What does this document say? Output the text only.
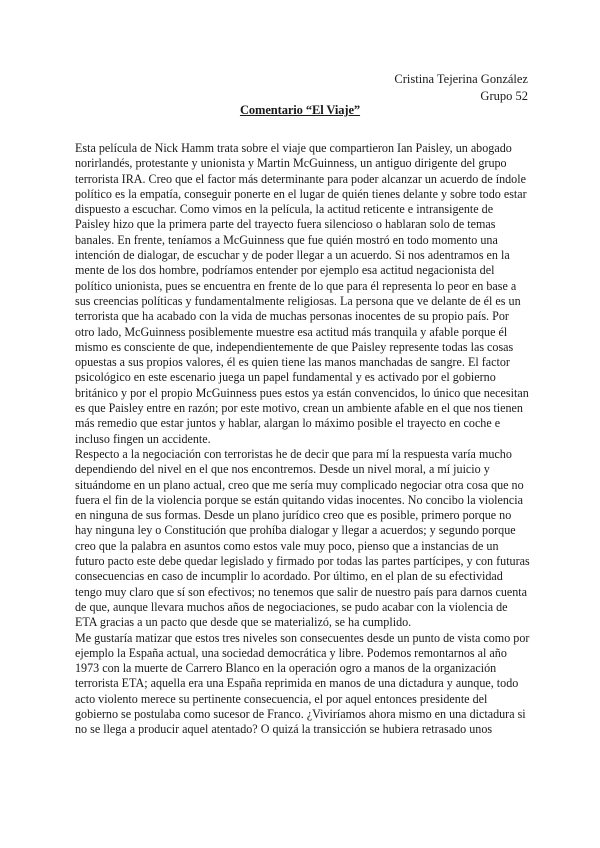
Cristina Tejerina González
Grupo 52
Comentario “El Viaje”

Esta película de Nick Hamm trata sobre el viaje que compartieron Ian Paisley, un abogado norirlandés, protestante y unionista y Martin McGuinness, un antiguo dirigente del grupo terrorista IRA. Creo que el factor más determinante para poder alcanzar un acuerdo de índole político es la empatía, conseguir ponerte en el lugar de quién tienes delante y sobre todo estar dispuesto a escuchar. Como vimos en la película, la actitud reticente e intransigente de Paisley hizo que la primera parte del trayecto fuera silencioso o hablaran solo de temas banales. En frente, teníamos a McGuinness que fue quién mostró en todo momento una intención de dialogar, de escuchar y de poder llegar a un acuerdo. Si nos adentramos en la mente de los dos hombre, podríamos entender por ejemplo esa actitud negacionista del político unionista, pues se encuentra en frente de lo que para él representa lo peor en base a sus creencias políticas y fundamentalmente religiosas. La persona que ve delante de él es un terrorista que ha acabado con la vida de muchas personas inocentes de su propio país. Por otro lado, McGuinness posiblemente muestre esa actitud más tranquila y afable porque él mismo es consciente de que, independientemente de que Paisley represente todas las cosas opuestas a sus propios valores, él es quien tiene las manos manchadas de sangre. El factor psicológico en este escenario juega un papel fundamental y es activado por el gobierno británico y por el propio McGuinness pues estos ya están convencidos, lo único que necesitan es que Paisley entre en razón; por este motivo, crean un ambiente afable en el que nos tienen más remedio que estar juntos y hablar, alargan lo máximo posible el trayecto en coche e incluso fingen un accidente.

Respecto a la negociación con terroristas he de decir que para mí la respuesta varía mucho dependiendo del nivel en el que nos encontremos. Desde un nivel moral, a mí juicio y situándome en un plano actual, creo que me sería muy complicado negociar otra cosa que no fuera el fin de la violencia porque se están quitando vidas inocentes. No concibo la violencia en ninguna de sus formas. Desde un plano jurídico creo que es posible, primero porque no hay ninguna ley o Constitución que prohíba dialogar y llegar a acuerdos; y segundo porque creo que la palabra en asuntos como estos vale muy poco, pienso que a instancias de un futuro pacto este debe quedar legislado y firmado por todas las partes partícipes, y con futuras consecuencias en caso de incumplir lo acordado. Por último, en el plan de su efectividad tengo muy claro que sí son efectivos; no tenemos que salir de nuestro país para darnos cuenta de que, aunque llevara muchos años de negociaciones, se pudo acabar con la violencia de ETA gracias a un pacto que desde que se materializó, se ha cumplido.

Me gustaría matizar que estos tres niveles son consecuentes desde un punto de vista como por ejemplo la España actual, una sociedad democrática y libre. Podemos remontarnos al año 1973 con la muerte de Carrero Blanco en la operación ogro a manos de la organización terrorista ETA; aquella era una España reprimida en manos de una dictadura y aunque, todo acto violento merece su pertinente consecuencia, el por aquel entonces presidente del gobierno se postulaba como sucesor de Franco. ¿Viviríamos ahora mismo en una dictadura si no se llega a producir aquel atentado? O quizá la transicción se hubiera retrasado unos
